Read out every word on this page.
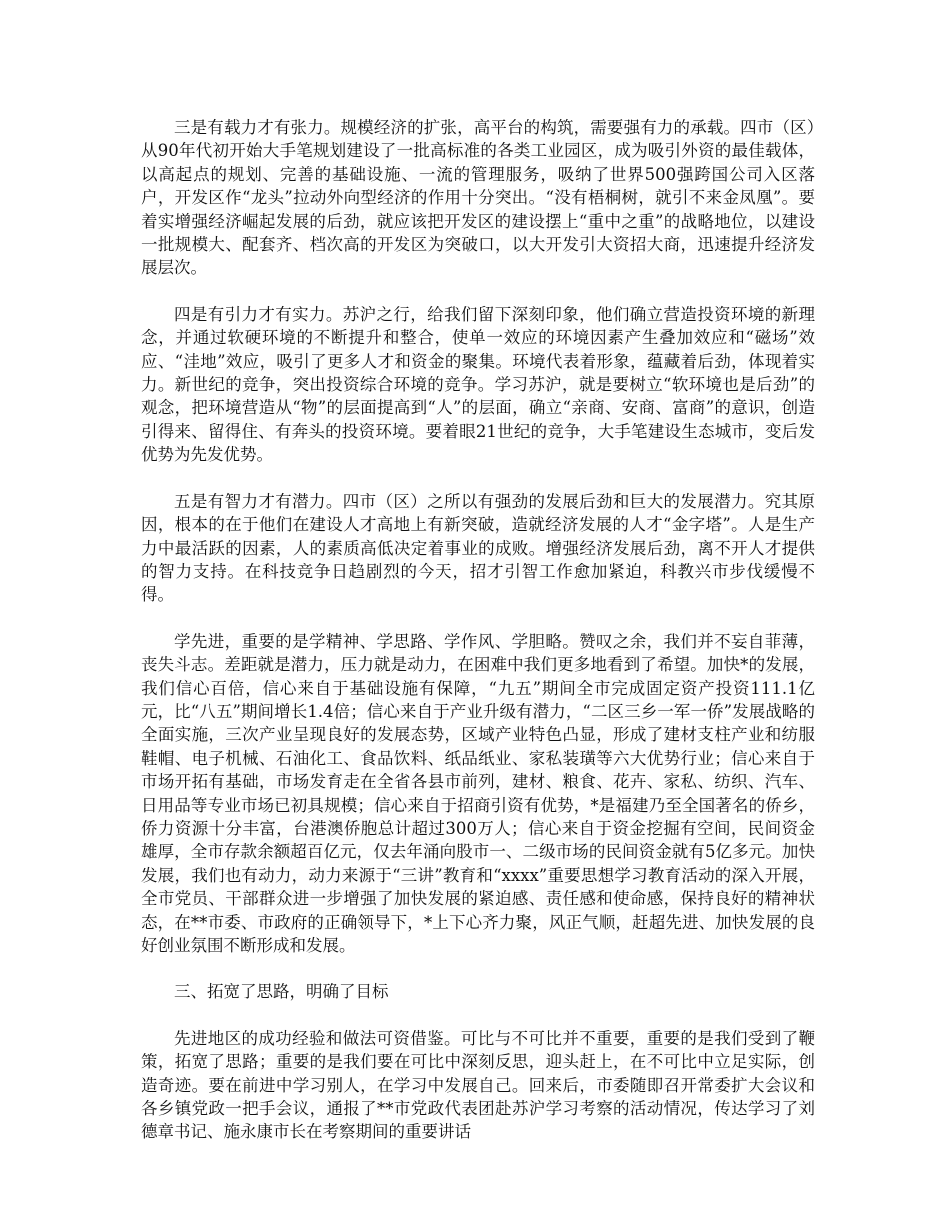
三是有载力才有张力。规模经济的扩张，高平台的构筑，需要强有力的承载。四市（区）从90年代初开始大手笔规划建设了一批高标准的各类工业园区，成为吸引外资的最佳载体，以高起点的规划、完善的基础设施、一流的管理服务，吸纳了世界500强跨国公司入区落户，开发区作“龙头”拉动外向型经济的作用十分突出。“没有梧桐树，就引不来金凤凰”。要着实增强经济崛起发展的后劲，就应该把开发区的建设摆上“重中之重”的战略地位，以建设一批规模大、配套齐、档次高的开发区为突破口，以大开发引大资招大商，迅速提升经济发展层次。

四是有引力才有实力。苏沪之行，给我们留下深刻印象，他们确立营造投资环境的新理念，并通过软硬环境的不断提升和整合，使单一效应的环境因素产生叠加效应和“磁场”效应、“洼地”效应，吸引了更多人才和资金的聚集。环境代表着形象，蕴藏着后劲，体现着实力。新世纪的竞争，突出投资综合环境的竞争。学习苏沪，就是要树立“软环境也是后劲”的观念，把环境营造从“物”的层面提高到“人”的层面，确立“亲商、安商、富商”的意识，创造引得来、留得住、有奔头的投资环境。要着眼21世纪的竞争，大手笔建设生态城市，变后发优势为先发优势。

五是有智力才有潜力。四市（区）之所以有强劲的发展后劲和巨大的发展潜力。究其原因，根本的在于他们在建设人才高地上有新突破，造就经济发展的人才“金字塔”。人是生产力中最活跃的因素，人的素质高低决定着事业的成败。增强经济发展后劲，离不开人才提供的智力支持。在科技竞争日趋剧烈的今天，招才引智工作愈加紧迫，科教兴市步伐缓慢不得。

学先进，重要的是学精神、学思路、学作风、学胆略。赞叹之余，我们并不妄自菲薄，丧失斗志。差距就是潜力，压力就是动力，在困难中我们更多地看到了希望。加快*的发展，我们信心百倍，信心来自于基础设施有保障，“九五”期间全市完成固定资产投资111.1亿元，比“八五”期间增长1.4倍；信心来自于产业升级有潜力，“二区三乡一军一侨”发展战略的全面实施，三次产业呈现良好的发展态势，区域产业特色凸显，形成了建材支柱产业和纺服鞋帽、电子机械、石油化工、食品饮料、纸品纸业、家私装璜等六大优势行业；信心来自于市场开拓有基础，市场发育走在全省各县市前列，建材、粮食、花卉、家私、纺织、汽车、日用品等专业市场已初具规模；信心来自于招商引资有优势，*是福建乃至全国著名的侨乡，侨力资源十分丰富，台港澳侨胞总计超过300万人；信心来自于资金挖掘有空间，民间资金雄厚，全市存款余额超百亿元，仅去年涌向股市一、二级市场的民间资金就有5亿多元。加快发展，我们也有动力，动力来源于“三讲”教育和“xxxx”重要思想学习教育活动的深入开展，全市党员、干部群众进一步增强了加快发展的紧迫感、责任感和使命感，保持良好的精神状态，在**市委、市政府的正确领导下，*上下心齐力聚，风正气顺，赶超先进、加快发展的良好创业氛围不断形成和发展。

三、拓宽了思路，明确了目标

先进地区的成功经验和做法可资借鉴。可比与不可比并不重要，重要的是我们受到了鞭策，拓宽了思路；重要的是我们要在可比中深刻反思，迎头赶上，在不可比中立足实际，创造奇迹。要在前进中学习别人，在学习中发展自己。回来后，市委随即召开常委扩大会议和各乡镇党政一把手会议，通报了**市党政代表团赴苏沪学习考察的活动情况，传达学习了刘德章书记、施永康市长在考察期间的重要讲话
